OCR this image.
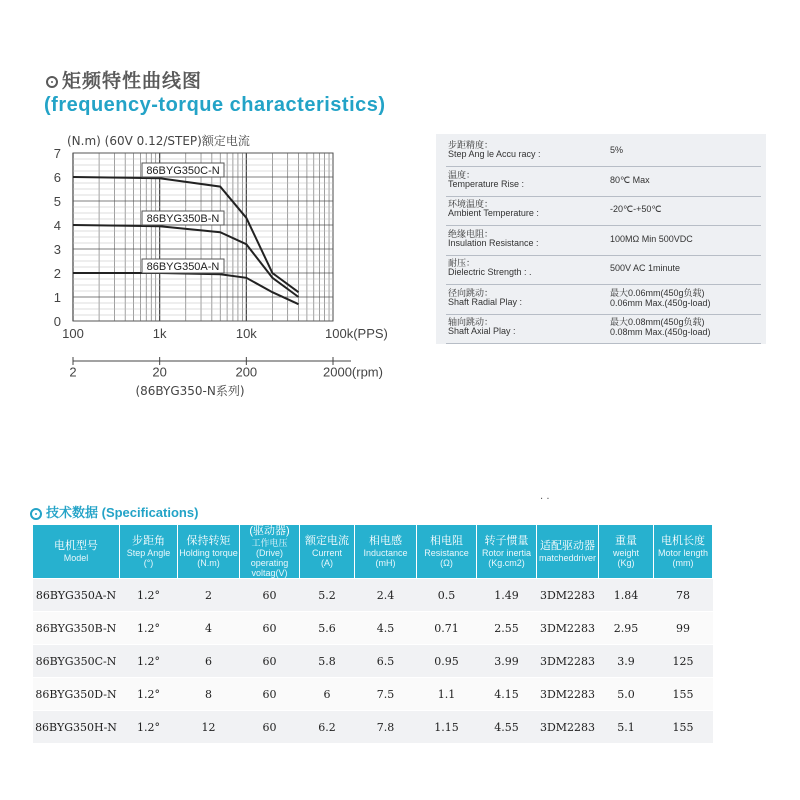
矩频特性曲线图
(frequency-torque characteristics)
0
1
2
3
4
5
6
7
100	1k	10k	100k(PPS)
2	20	200	2000(rpm)
(N.m) (60V 0.12/STEP)额定电流
(86BYG350-N系列)
86BYG350C-N
86BYG350B-N
86BYG350A-N
步距精度：
Step Ang le Accu racy :	5%
温度：
Temperature Rise :	80℃ Max
环境温度：
Ambient Temperature :	-20℃-+50℃
绝缘电阻：
Insulation Resistance :	100MΩ Min 500VDC
耐压：
Dielectric Strength : .	500V AC 1minute
径向跳动：
Shaft Radial Play :
最大0.06mm(450g负载)
0.06mm Max.(450g-load)
轴向跳动：
Shaft Axial Play :
最大0.08mm(450g负载)
0.08mm Max.(450g-load)
技术数据 (Specifications)
· ·
电机型号
Model	步距角
Step Angle
(°)	保持转矩
Holding torque
(N.m)	(驱动器)
工作电压
(Drive) operating voltag(V)	额定电流
Current
(A)	相电感
Inductance
(mH)	相电阻
Resistance
(Ω)	转子惯量
Rotor inertia
(Kg.cm2)	适配驱动器
matcheddriver	重量
weight
(Kg)	电机长度
Motor length
(mm)

86BYG350A-N	1.2°	2	60	5.2	2.4	0.5	1.49	3DM2283	1.84	78
86BYG350B-N	1.2°	4	60	5.6	4.5	0.71	2.55	3DM2283	2.95	99
86BYG350C-N	1.2°	6	60	5.8	6.5	0.95	3.99	3DM2283	3.9	125
86BYG350D-N	1.2°	8	60	6	7.5	1.1	4.15	3DM2283	5.0	155
86BYG350H-N	1.2°	12	60	6.2	7.8	1.15	4.55	3DM2283	5.1	155
